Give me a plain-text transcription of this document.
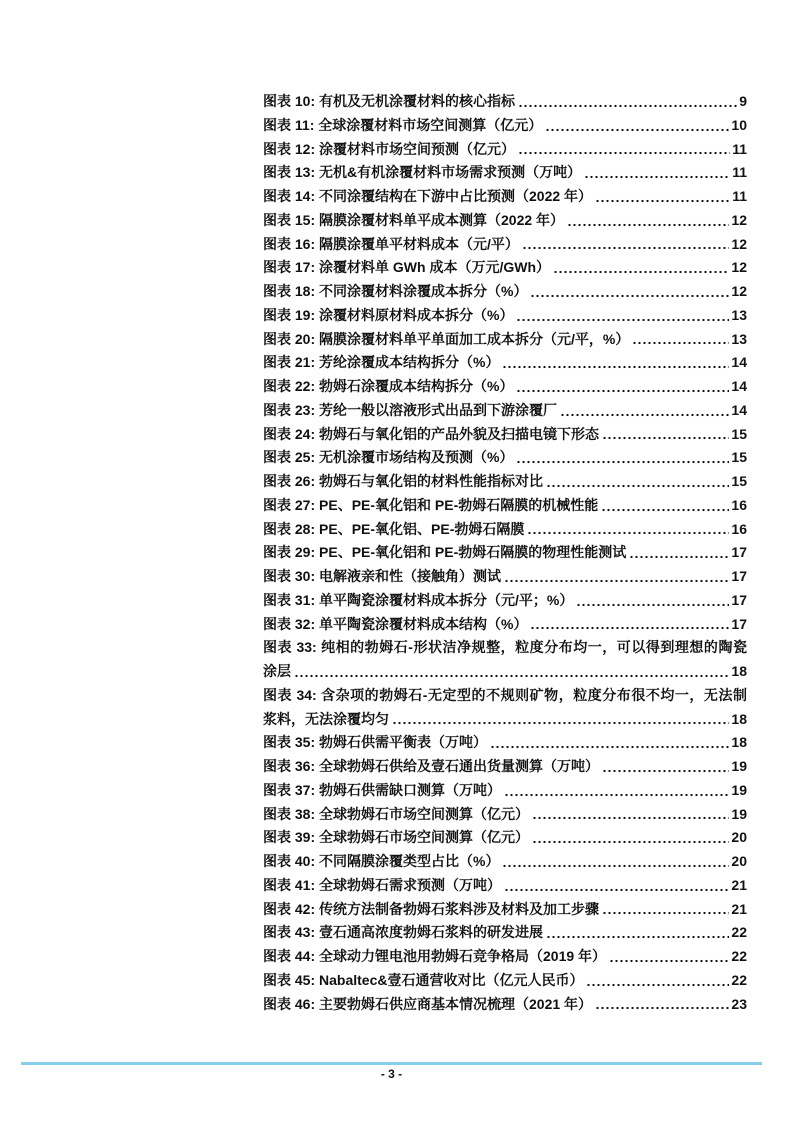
图表 10: 有机及无机涂覆材料的核心指标	9
图表 11: 全球涂覆材料市场空间测算（亿元）	10
图表 12: 涂覆材料市场空间预测（亿元）	11
图表 13: 无机&有机涂覆材料市场需求预测（万吨）	11
图表 14: 不同涂覆结构在下游中占比预测（2022 年）	11
图表 15: 隔膜涂覆材料单平成本测算（2022 年）	12
图表 16: 隔膜涂覆单平材料成本（元/平）	12
图表 17: 涂覆材料单 GWh 成本（万元/GWh）	12
图表 18: 不同涂覆材料涂覆成本拆分（%）	12
图表 19: 涂覆材料原材料成本拆分（%）	13
图表 20: 隔膜涂覆材料单平单面加工成本拆分（元/平，%）	13
图表 21: 芳纶涂覆成本结构拆分（%）	14
图表 22: 勃姆石涂覆成本结构拆分（%）	14
图表 23: 芳纶一般以溶液形式出品到下游涂覆厂	14
图表 24: 勃姆石与氧化铝的产品外貌及扫描电镜下形态	15
图表 25: 无机涂覆市场结构及预测（%）	15
图表 26: 勃姆石与氧化铝的材料性能指标对比	15
图表 27: PE、PE-氧化铝和 PE-勃姆石隔膜的机械性能	16
图表 28: PE、PE-氧化铝、PE-勃姆石隔膜	16
图表 29: PE、PE-氧化铝和 PE-勃姆石隔膜的物理性能测试	17
图表 30: 电解液亲和性（接触角）测试	17
图表 31: 单平陶瓷涂覆材料成本拆分（元/平；%）	17
图表 32: 单平陶瓷涂覆材料成本结构（%）	17
图表 33: 纯相的勃姆石-形状洁净规整，粒度分布均一，可以得到理想的陶瓷
涂层	18
图表 34: 含杂项的勃姆石-无定型的不规则矿物，粒度分布很不均一，无法制
浆料，无法涂覆均匀	18
图表 35: 勃姆石供需平衡表（万吨）	18
图表 36: 全球勃姆石供给及壹石通出货量测算（万吨）	19
图表 37: 勃姆石供需缺口测算（万吨）	19
图表 38: 全球勃姆石市场空间测算（亿元）	19
图表 39: 全球勃姆石市场空间测算（亿元）	20
图表 40: 不同隔膜涂覆类型占比（%）	20
图表 41: 全球勃姆石需求预测（万吨）	21
图表 42: 传统方法制备勃姆石浆料涉及材料及加工步骤	21
图表 43: 壹石通高浓度勃姆石浆料的研发进展	22
图表 44: 全球动力锂电池用勃姆石竞争格局（2019 年）	22
图表 45: Nabaltec&壹石通营收对比（亿元人民币）	22
图表 46: 主要勃姆石供应商基本情况梳理（2021 年）	23
- 3 -
